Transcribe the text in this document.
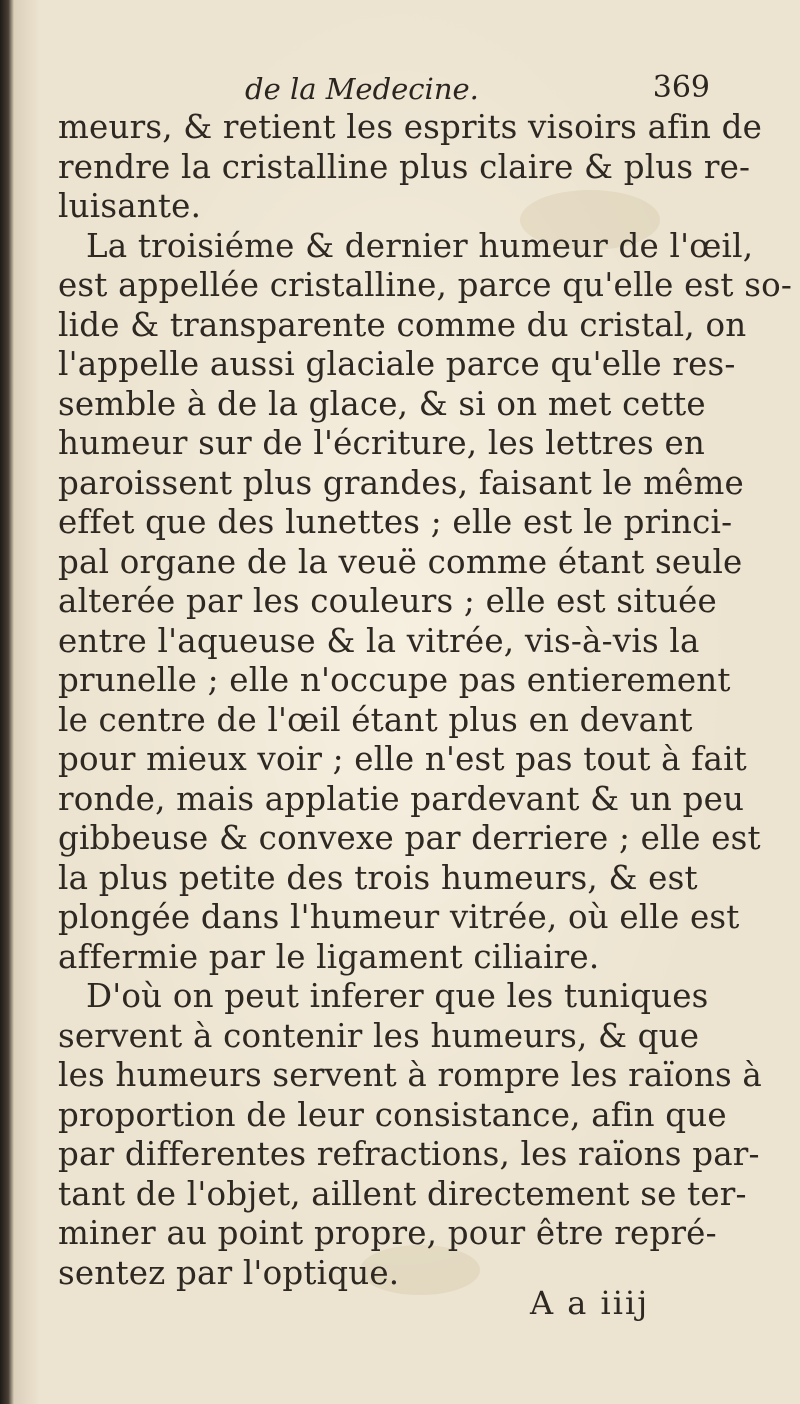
de la Medecine.	369
meurs, & retient les esprits visoirs afin de
rendre la cristalline plus claire & plus re-
luisante.
La troisiéme & dernier humeur de l'œil,
est appellée cristalline, parce qu'elle est so-
lide & transparente comme du cristal, on
l'appelle aussi glaciale parce qu'elle res-
semble à de la glace, & si on met cette
humeur sur de l'écriture, les lettres en
paroissent plus grandes, faisant le même
effet que des lunettes ; elle est le princi-
pal organe de la veuë comme étant seule
alterée par les couleurs ; elle est située
entre l'aqueuse & la vitrée, vis-à-vis la
prunelle ; elle n'occupe pas entierement
le centre de l'œil étant plus en devant
pour mieux voir ; elle n'est pas tout à fait
ronde, mais applatie pardevant & un peu
gibbeuse & convexe par derriere ; elle est
la plus petite des trois humeurs, & est
plongée dans l'humeur vitrée, où elle est
affermie par le ligament ciliaire.
D'où on peut inferer que les tuniques
servent à contenir les humeurs, & que
les humeurs servent à rompre les raïons à
proportion de leur consistance, afin que
par differentes refractions, les raïons par-
tant de l'objet, aillent directement se ter-
miner au point propre, pour être repré-
sentez par l'optique.
A a iiij
